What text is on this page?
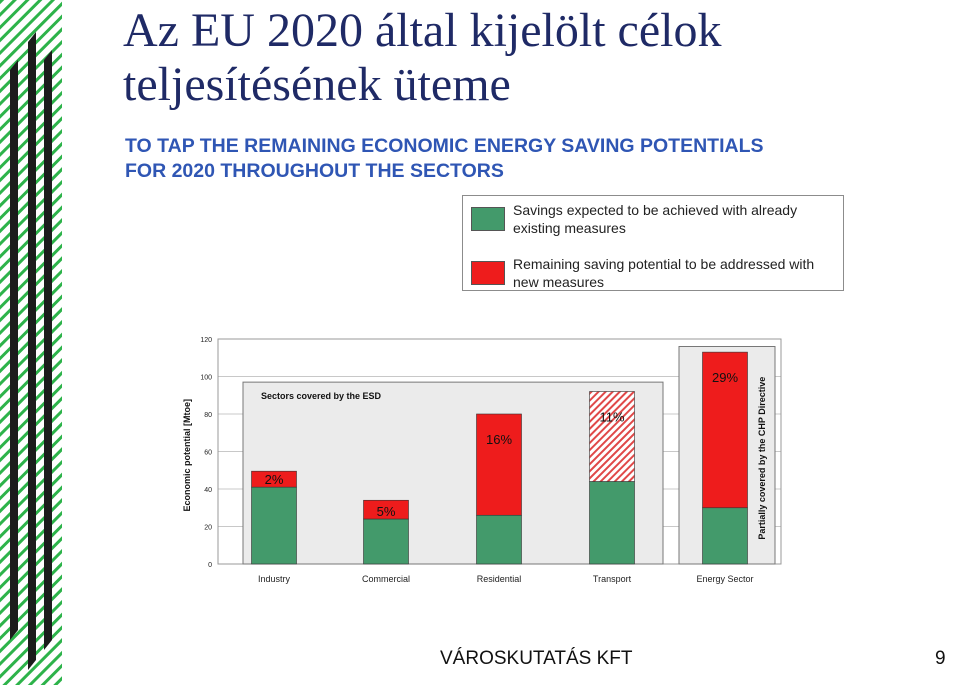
Az EU 2020 által kijelölt célok
teljesítésének üteme
TO TAP THE REMAINING ECONOMIC ENERGY SAVING POTENTIALS
FOR 2020 THROUGHOUT THE SECTORS
Savings expected to be achieved with already
existing measures
Remaining saving potential to be addressed with
new measures
Sectors covered by the ESD	Partially covered by the CHP Directive
0
20
40
60
80
100
120
2%
5%
16%
11%
29%
Industry	Commercial	Residential	Transport	Energy Sector
Economic potential [Mtoe]
VÁROSKUTATÁS KFT	9
